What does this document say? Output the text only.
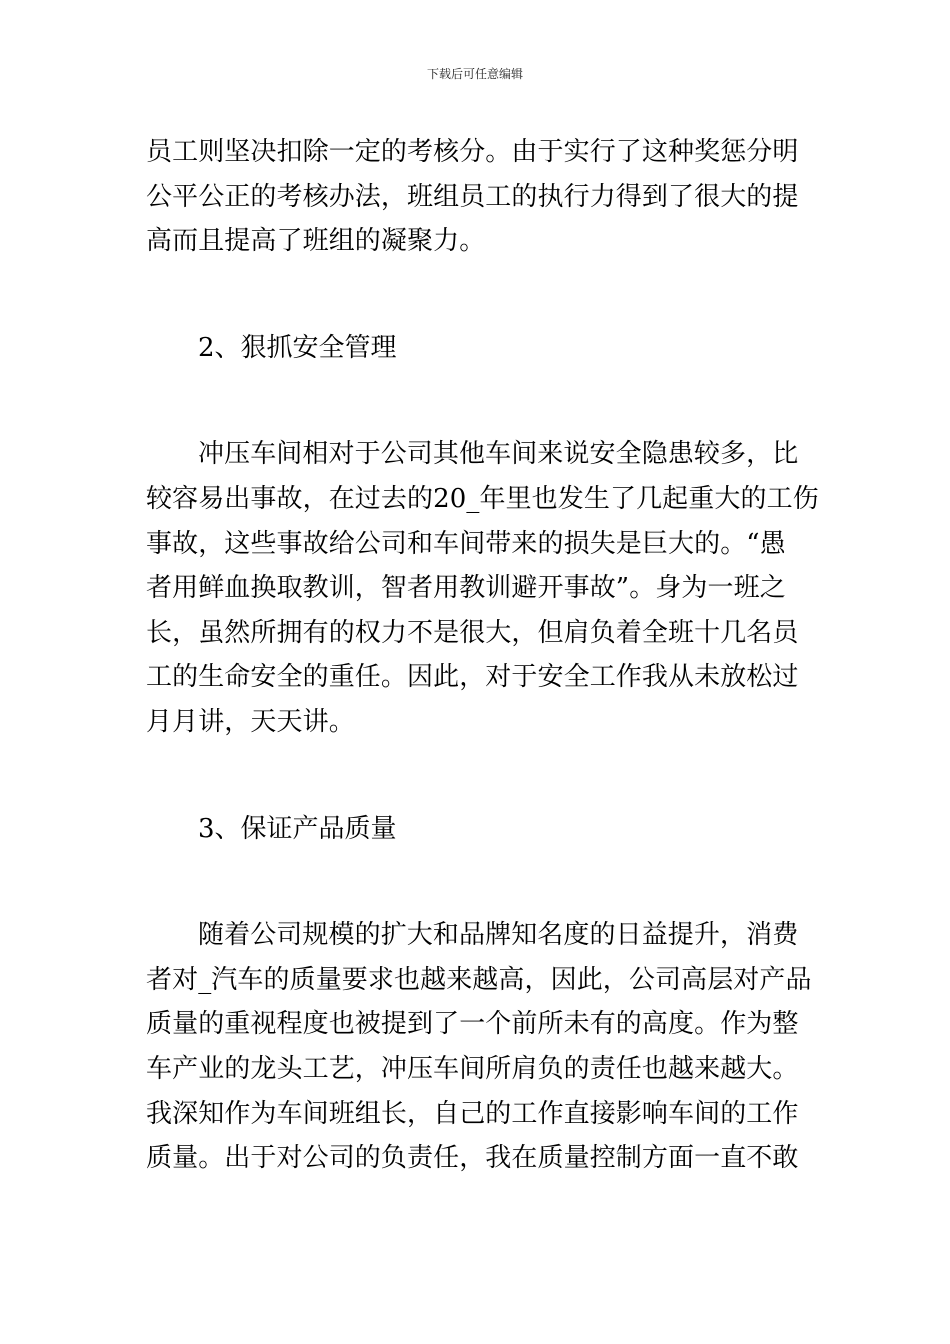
下载后可任意编辑
员工则坚决扣除一定的考核分。由于实行了这种奖惩分明
公平公正的考核办法，班组员工的执行力得到了很大的提
高而且提高了班组的凝聚力。
2、狠抓安全管理
冲压车间相对于公司其他车间来说安全隐患较多，比
较容易出事故，在过去的20_年里也发生了几起重大的工伤
事故，这些事故给公司和车间带来的损失是巨大的。“愚
者用鲜血换取教训，智者用教训避开事故”。身为一班之
长，虽然所拥有的权力不是很大，但肩负着全班十几名员
工的生命安全的重任。因此，对于安全工作我从未放松过
月月讲，天天讲。
3、保证产品质量
随着公司规模的扩大和品牌知名度的日益提升，消费
者对_汽车的质量要求也越来越高，因此，公司高层对产品
质量的重视程度也被提到了一个前所未有的高度。作为整
车产业的龙头工艺，冲压车间所肩负的责任也越来越大。
我深知作为车间班组长，自己的工作直接影响车间的工作
质量。出于对公司的负责任，我在质量控制方面一直不敢
